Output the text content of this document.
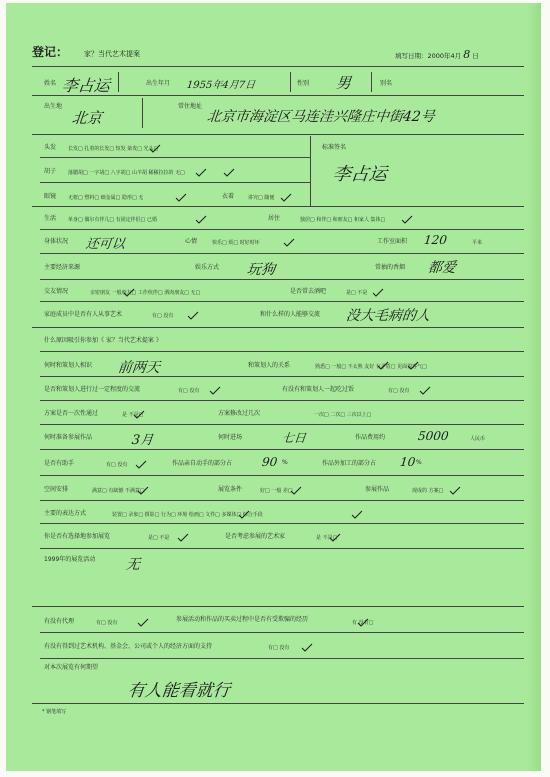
登记： 家？当代艺术提案	填写日期：2000年4月 8 日
姓名 李占运	出生年月 1955年4月7日	性别 男	别名
出生地
北京
常住地址
北京市海淀区马连洼兴隆庄中街42号
头发 长发□ 扎着的长发□ 短发 染发□ 光头□
胡子 落腮胡□ 一字胡□ 八字胡□ 山羊胡 稀稀拉拉的 无□
眼镜 无框□ 塑料□ 细金属□ 隐形□ 无	衣着	讲究□ 随便
标准签名
李占运
生活 单身□ 偶尔有伴儿□ 有固定伴侣□ 已婚	居住	独居□ 和伴□ 和朋友□ 和家人 集体□
身体状况 还可以	心情	快乐□ 烦□ 时好时坏	工作室面积 120	平米
主要经济来源	娱乐方式 玩狗	常抽的香烟 都爱
交友情况	亲密朋友 一般朋友□ 工作伙伴□ 酒肉朋友□ 无□	是否常去酒吧	是□ 不是
家庭成员中是否有人从事艺术	有□ 没有	和什么样的人能够交流 没大毛病的人
什么原因吸引你参加《 家？当代艺术提案 》
何时和策划人相识 前两天	和策划人的关系	熟悉□ 一般□ 不太熟 友好 有矛盾□ 见面很客气□
是否和策划人进行过一定程度的交流	有□ 没有	有没有和策划人一起吃过饭	有□ 没有
方案是否一次性通过	是 不是□	方案修改过几次	一次□ 二次□ 三次以上□
何时准备参展作品	3月	何时进场	七日	作品费用约	5000	人民币
是否有助手	有□ 没有	作品亲自动手的部分占 90 %	作品外加工的部分占 10 %
空间安排	满意□ 有缺憾 不满意□	展览条件	好□ 一般 差□	参展作品	现成的 方案□
主要的表达方式	装置□ 录象□ 摄影□ 行为□ 环境 绘画□ 文件□ 多媒体□ 综合手段
你是否有选择地参加展览	是□ 不是	是否考虑参展的艺术家	是 不是□
1999年的展览活动 无
有没有代理	有□ 没有	参展活动和作品的买卖过程中是否有受欺骗的经历	有 没有□
有没有得到过艺术机构、基金会、公司或个人的经济方面的支持	有□ 没有
对本次展览有何期望
有人能看就行
* 钢笔填写
